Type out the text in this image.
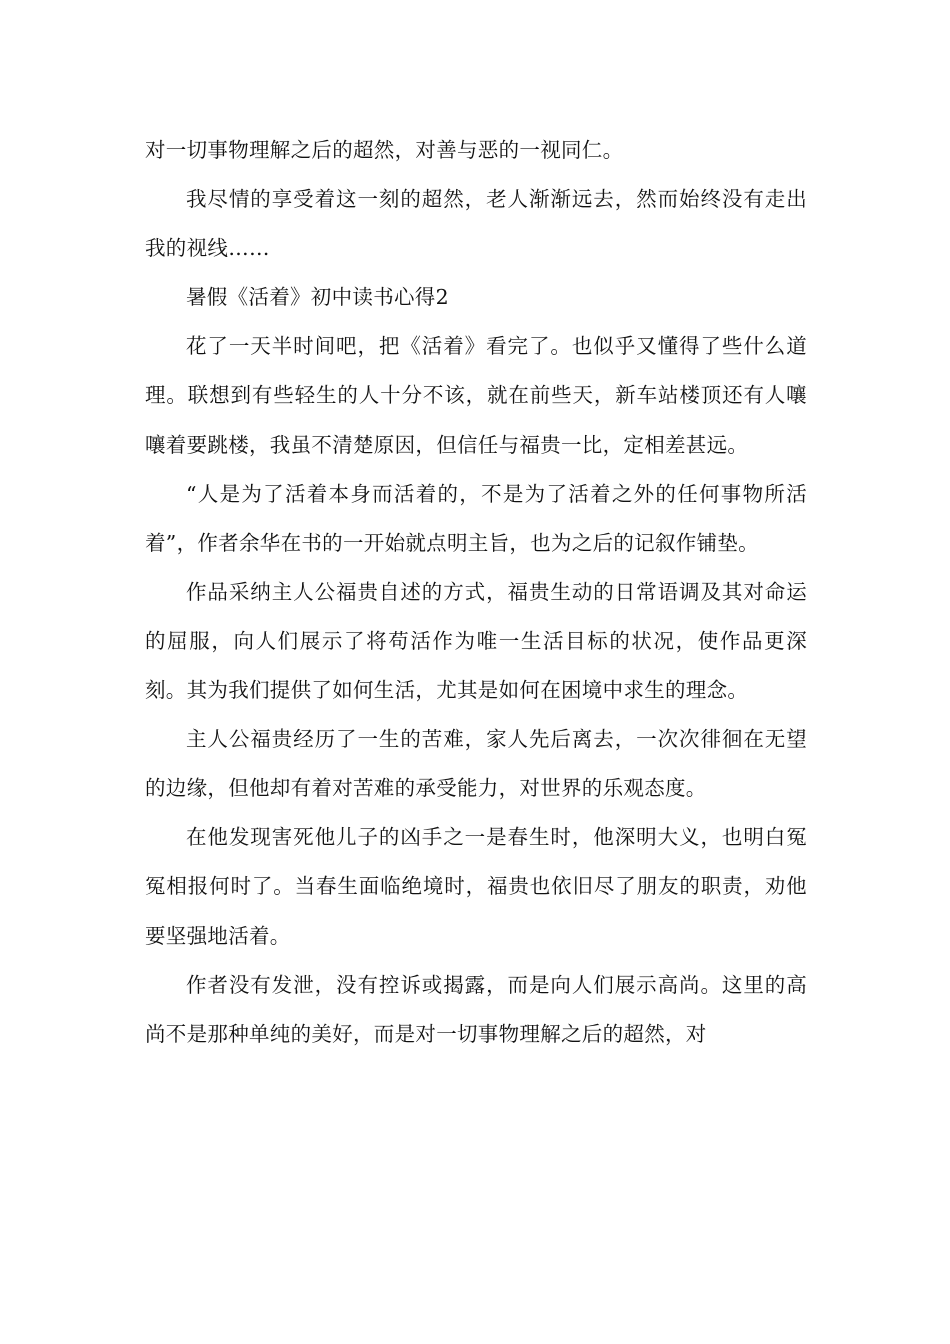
对一切事物理解之后的超然，对善与恶的一视同仁。

我尽情的享受着这一刻的超然，老人渐渐远去，然而始终没有走出我的视线……

暑假《活着》初中读书心得2

花了一天半时间吧，把《活着》看完了。也似乎又懂得了些什么道理。联想到有些轻生的人十分不该，就在前些天，新车站楼顶还有人嚷嚷着要跳楼，我虽不清楚原因，但信任与福贵一比，定相差甚远。

“人是为了活着本身而活着的，不是为了活着之外的任何事物所活着”，作者余华在书的一开始就点明主旨，也为之后的记叙作铺垫。

作品采纳主人公福贵自述的方式，福贵生动的日常语调及其对命运的屈服，向人们展示了将苟活作为唯一生活目标的状况，使作品更深刻。其为我们提供了如何生活，尤其是如何在困境中求生的理念。

主人公福贵经历了一生的苦难，家人先后离去，一次次徘徊在无望的边缘，但他却有着对苦难的承受能力，对世界的乐观态度。

在他发现害死他儿子的凶手之一是春生时，他深明大义，也明白冤冤相报何时了。当春生面临绝境时，福贵也依旧尽了朋友的职责，劝他要坚强地活着。

作者没有发泄，没有控诉或揭露，而是向人们展示高尚。这里的高尚不是那种单纯的美好，而是对一切事物理解之后的超然，对
